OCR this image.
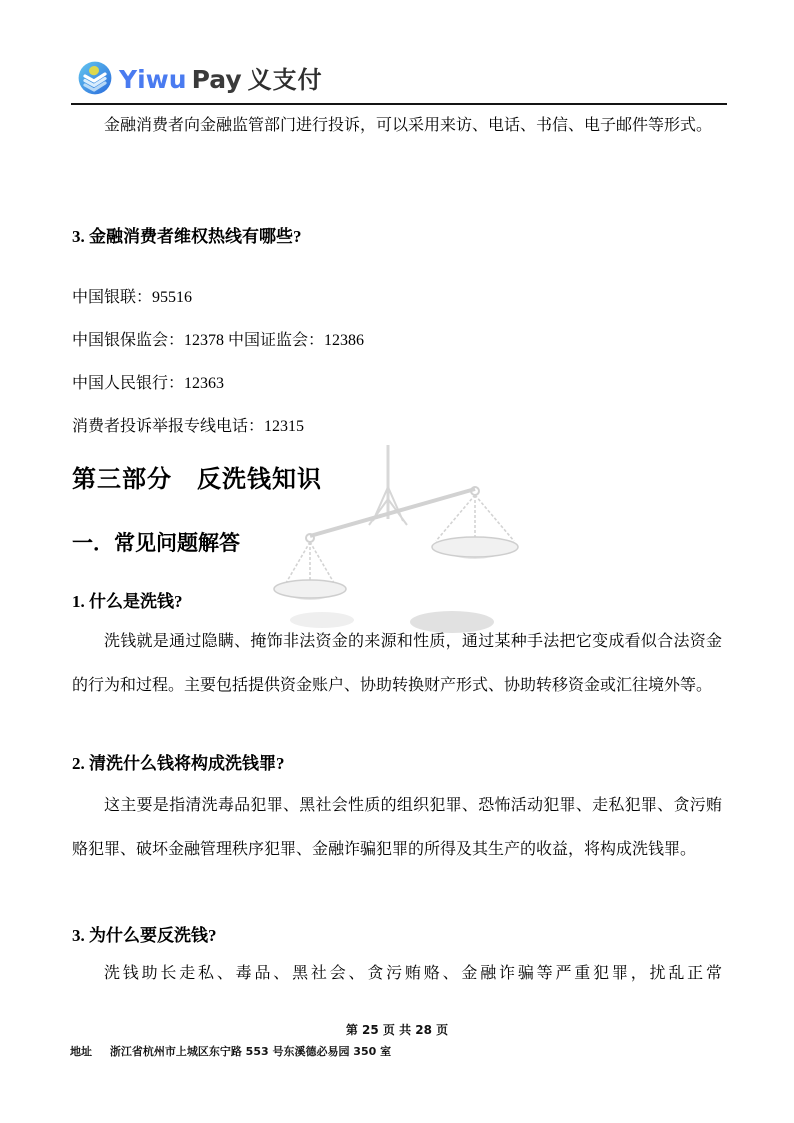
Yiwu Pay 义支付

金融消费者向金融监管部门进行投诉，可以采用来访、电话、书信、电子邮件等形式。

3. 金融消费者维权热线有哪些?
中国银联：95516
中国银保监会：12378 中国证监会：12386
中国人民银行：12363
消费者投诉举报专线电话：12315
第三部分　反洗钱知识
一．常见问题解答
1. 什么是洗钱?

洗钱就是通过隐瞒、掩饰非法资金的来源和性质，通过某种手法把它变成看似合法资金的行为和过程。主要包括提供资金账户、协助转换财产形式、协助转移资金或汇往境外等。

2. 清洗什么钱将构成洗钱罪?

这主要是指清洗毒品犯罪、黑社会性质的组织犯罪、恐怖活动犯罪、走私犯罪、贪污贿赂犯罪、破坏金融管理秩序犯罪、金融诈骗犯罪的所得及其生产的收益，将构成洗钱罪。

3. 为什么要反洗钱?

洗钱助长走私、毒品、黑社会、贪污贿赂、金融诈骗等严重犯罪，扰乱正常

第 25 页 共 28 页
地址 浙江省杭州市上城区东宁路 553 号东溪德必易园 350 室
